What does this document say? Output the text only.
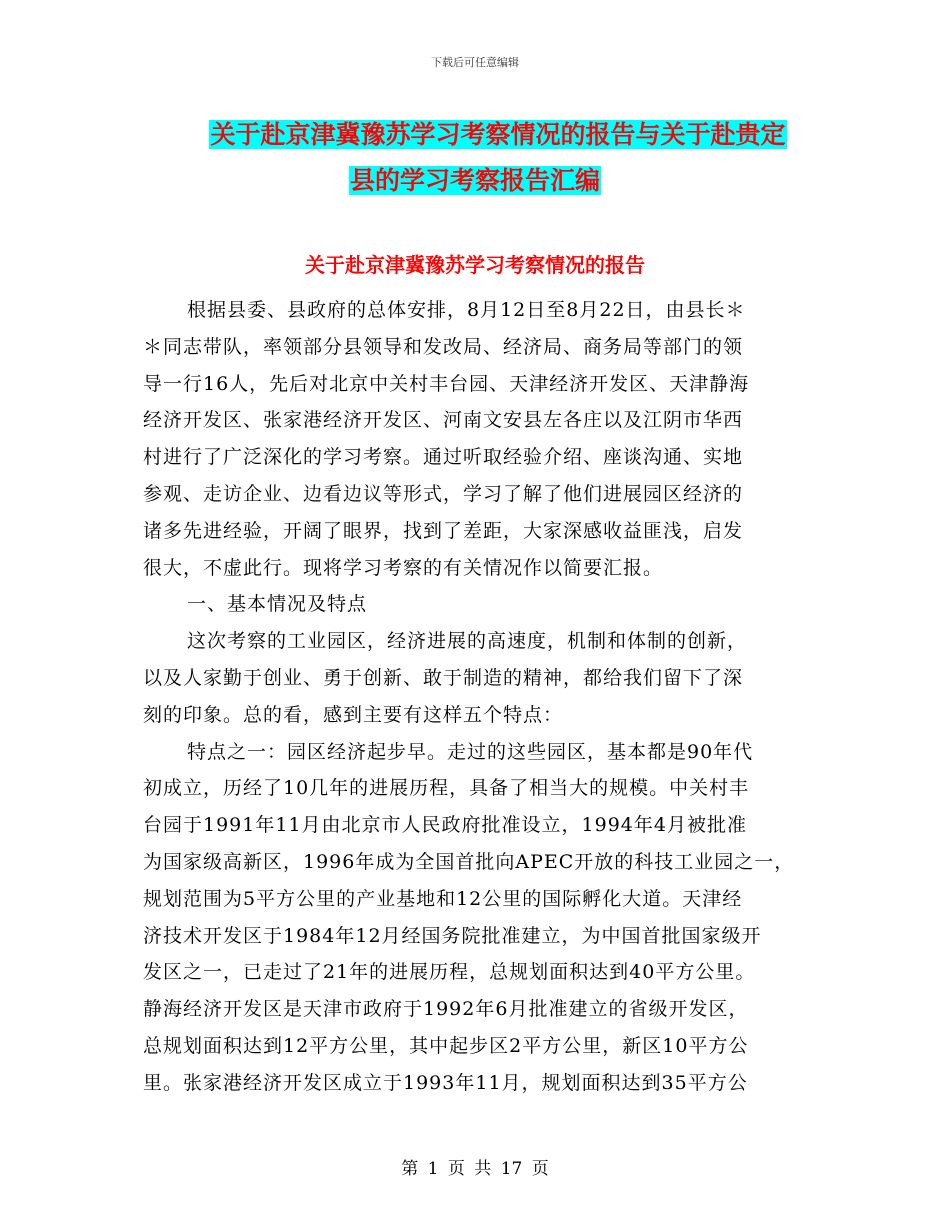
下载后可任意编辑
关于赴京津冀豫苏学习考察情况的报告与关于赴贵定
县的学习考察报告汇编
关于赴京津冀豫苏学习考察情况的报告
根据县委、县政府的总体安排，8月12日至8月22日，由县长＊
＊同志带队，率领部分县领导和发改局、经济局、商务局等部门的领
导一行16人，先后对北京中关村丰台园、天津经济开发区、天津静海
经济开发区、张家港经济开发区、河南文安县左各庄以及江阴市华西
村进行了广泛深化的学习考察。通过听取经验介绍、座谈沟通、实地
参观、走访企业、边看边议等形式，学习了解了他们进展园区经济的
诸多先进经验，开阔了眼界，找到了差距，大家深感收益匪浅，启发
很大，不虚此行。现将学习考察的有关情况作以简要汇报。
一、基本情况及特点
这次考察的工业园区，经济进展的高速度，机制和体制的创新，
以及人家勤于创业、勇于创新、敢于制造的精神，都给我们留下了深
刻的印象。总的看，感到主要有这样五个特点：
特点之一：园区经济起步早。走过的这些园区，基本都是90年代
初成立，历经了10几年的进展历程，具备了相当大的规模。中关村丰
台园于1991年11月由北京市人民政府批准设立，1994年4月被批准
为国家级高新区，1996年成为全国首批向APEC开放的科技工业园之一，
规划范围为5平方公里的产业基地和12公里的国际孵化大道。天津经
济技术开发区于1984年12月经国务院批准建立，为中国首批国家级开
发区之一，已走过了21年的进展历程，总规划面积达到40平方公里。
静海经济开发区是天津市政府于1992年6月批准建立的省级开发区，
总规划面积达到12平方公里，其中起步区2平方公里，新区10平方公
里。张家港经济开发区成立于1993年11月，规划面积达到35平方公
第 1 页 共 17 页
